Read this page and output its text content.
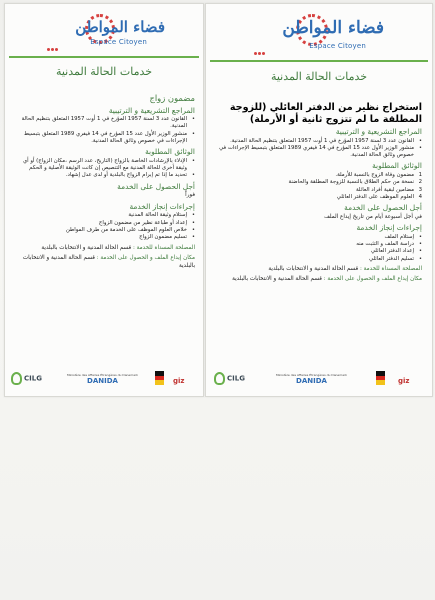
فضاء المواطن
Espace Citoyen
خدمات الحالة المدنية
مضمون زواج
المراجع التشريعية و الترتيبية
• القانون عدد 3 لسنة 1957 المؤرخ في 1 أوت 1957 المتعلق بتنظيم الحالة المدنية.
• منشور الوزير الأول عدد 15 المؤرخ في 14 فيفري 1989 المتعلق بتبسيط الإجراءات في خصوص وثائق الحالة المدنية.
الوثائق المطلوبة
• الإدلاء بالإرشادات الخاصة بالزواج (التاريخ، عدد الرسم ،مكان الزواج) أو أي وثيقة أخرى للحالة المدنية مع التنصيص إن كانت الوثيقة الأصلية و الحكم
• تحديد ما إذا تم إبرام الزواج بالبلدية أو لدى عدل إشهاد.
أجل الحصول على الخدمة
فوراً
إجراءات إنجاز الخدمة
• إستلام وثيقة الحالة المدنية
• إعداد أو طباعة نظير من مضمون الزواج
• خلاص العلوم الموظف على الخدمة من طرف المواطن
• تسليم مضمون الزواج
المصلحة المسداة للخدمة : قسم الحالة المدنية و الانتخابات بالبلدية
مكان إيداع الملف و الحصول على الخدمة : قسم الحالة المدنية و الانتخابات بالبلدية
CILG	Ministère des Affaires Étrangères du Danemark
DANIDA	giz
فضاء المواطن
Espace Citoyen
خدمات الحالة المدنية
استخراج نظير من الدفتر العائلي (للزوجة المطلقة ما لم تتزوج ثانية أو الأرملة)
المراجع التشريعية و الترتيبية
• القانون عدد 3 لسنة 1957 المؤرخ في 1 أوت 1957 المتعلق بتنظيم الحالة المدنية.
• منشور الوزير الأول عدد 15 المؤرخ في 14 فيفري 1989 المتعلق بتبسيط الإجراءات في خصوص وثائق الحالة المدنية.
الوثائق المطلوبة
1
مضمون وفاة الزوج بالنسبة للأرملة.
2
نسخة من حكم الطلاق بالنسبة للزوجة المطلقة والحاضنة
3
مضامين لبقية أفراد العائلة
4
العلوم الموظف على الدفتر العائلي
أجل الحصول على الخدمة
في أجل أسبوعة أيام من تاريخ إيداع الملف
إجراءات إنجاز الخدمة
• إستلام الملف
• دراسة الملف و التثبت منه
• إعداد الدفتر العائلي
• تسليم الدفتر العائلي
المصلحة المسداة للخدمة : قسم الحالة المدنية و الانتخابات بالبلدية
مكان إيداع الملف و الحصول على الخدمة : قسم الحالة المدنية و الانتخابات بالبلدية
CILG	Ministère des Affaires Étrangères du Danemark
DANIDA	giz
